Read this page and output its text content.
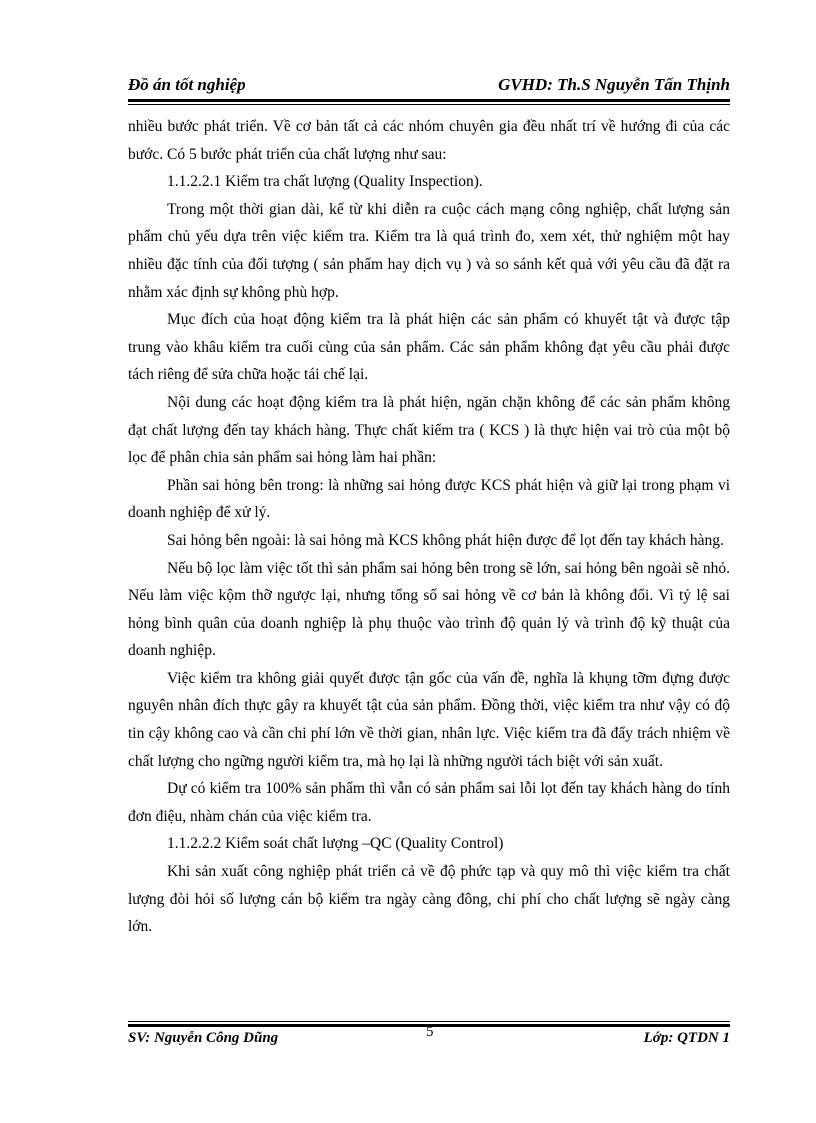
Đồ án tốt nghiệp	GVHD: Th.S Nguyễn Tấn Thịnh

nhiều bước phát triển. Về cơ bản tất cả các nhóm chuyên gia đều nhất trí về hướng đi của các bước. Có 5 bước phát triển của chất lượng như sau:

1.1.2.2.1 Kiểm tra chất lượng (Quality Inspection).

Trong một thời gian dài, kể từ khi diễn ra cuộc cách mạng công nghiệp, chất lượng sản phẩm chủ yếu dựa trên việc kiểm tra. Kiểm tra là quá trình đo, xem xét, thử nghiệm một hay nhiều đặc tính của đối tượng ( sản phẩm hay dịch vụ ) và so sánh kết quả với yêu cầu đã đặt ra nhằm xác định sự không phù hợp.

Mục đích của hoạt động kiểm tra là phát hiện các sản phẩm có khuyết tật và được tập trung vào khâu kiểm tra cuối cùng của sản phẩm. Các sản phẩm không đạt yêu cầu phải được tách riêng để sửa chữa hoặc tái chế lại.

Nội dung các hoạt động kiểm tra là phát hiện, ngăn chặn không để các sản phẩm không đạt chất lượng đến tay khách hàng. Thực chất kiểm tra ( KCS ) là thực hiện vai trò của một bộ lọc để phân chia sản phẩm sai hỏng làm hai phần:

Phần sai hỏng bên trong: là những sai hỏng được KCS phát hiện và giữ lại trong phạm vi doanh nghiệp để xử lý.

Sai hỏng bên ngoài: là sai hỏng mà KCS không phát hiện được để lọt đến tay khách hàng.

Nếu bộ lọc làm việc tốt thì sản phẩm sai hỏng bên trong sẽ lớn, sai hỏng bên ngoài sẽ nhỏ. Nếu làm việc kộm thỡ ngược lại, nhưng tổng số sai hỏng về cơ bản là không đổi. Vì tỷ lệ sai hỏng bình quân của doanh nghiệp là phụ thuộc vào trình độ quản lý và trình độ kỹ thuật của doanh nghiệp.

Việc kiểm tra không giải quyết được tận gốc của vấn đề, nghĩa là khụng tỡm đựng được nguyên nhân đích thực gây ra khuyết tật của sản phẩm. Đồng thời, việc kiểm tra như vậy có độ tin cậy không cao và cần chi phí lớn về thời gian, nhân lực. Việc kiểm tra đã đẩy trách nhiệm về chất lượng cho ngững người kiểm tra, mà họ lại là những người tách biệt với sản xuất.

Dự có kiểm tra 100% sản phẩm thì vẫn có sản phẩm sai lỗi lọt đến tay khách hàng do tính đơn điệu, nhàm chán của việc kiểm tra.

1.1.2.2.2 Kiểm soát chất lượng –QC (Quality Control)

Khi sản xuất công nghiệp phát triển cả về độ phức tạp và quy mô thì việc kiểm tra chất lượng đòi hỏi số lượng cán bộ kiểm tra ngày càng đông, chi phí cho chất lượng sẽ ngày càng lớn.

SV: Nguyễn Công Dũng	5	Lớp: QTDN 1
